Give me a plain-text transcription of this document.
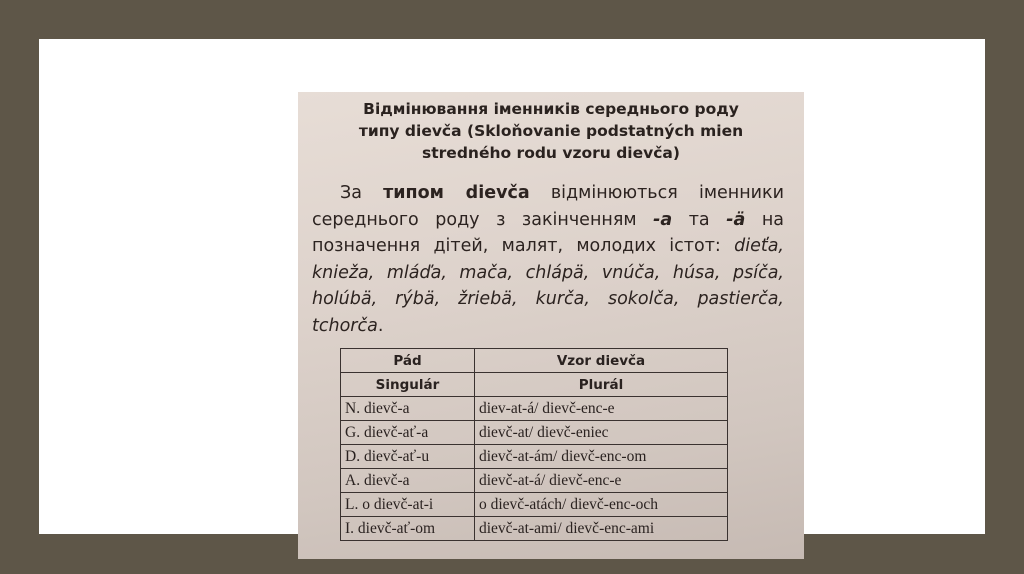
Відмінювання іменників середнього роду
типу dievča (Skloňovanie podstatných mien
stredného rodu vzoru dievča)
За типом dievča відмінюються іменники середнього роду з закінченням -a та -ä на позначення дітей, малят, молодих істот: dieťa, knieža, mláďa, mača, chlápä, vnúča, húsa, psíča, holúbä, rýbä, žriebä, kurča, sokolča, pastierča, tchorča.
Pád	Vzor dievča
Singulár	Plurál
N. dievč-a	diev-at-á/ dievč-enc-e
G. dievč-ať-a	dievč-at/ dievč-eniec
D. dievč-ať-u	dievč-at-ám/ dievč-enc-om
A. dievč-a	dievč-at-á/ dievč-enc-e
L. o dievč-at-i	o dievč-atách/ dievč-enc-och
I. dievč-ať-om	dievč-at-ami/ dievč-enc-ami
